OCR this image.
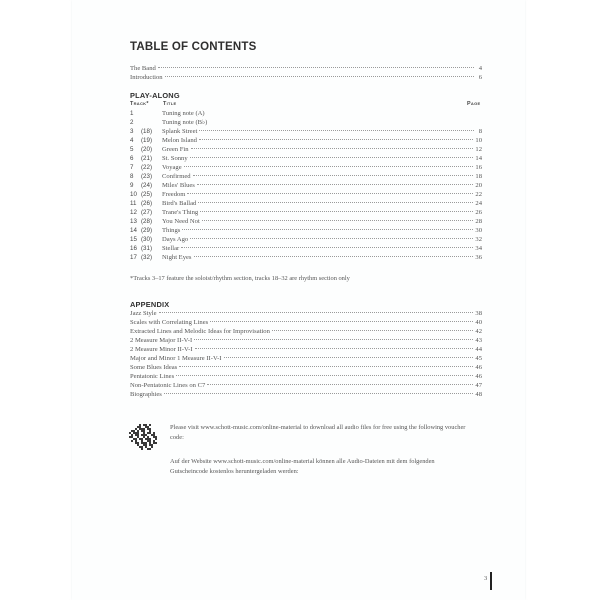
TABLE OF CONTENTS
The Band	4
Introduction	6
PLAY-ALONG
Track*	Title	Page
1	Tuning note (A)
2	Tuning note (B♭)
3	(18)	Splank Street	8
4	(19)	Melon Island	10
5	(20)	Green Fin	12
6	(21)	St. Sonny	14
7	(22)	Voyage	16
8	(23)	Confirmed	18
9	(24)	Miles' Blues	20
10 (25)	Freedom	22
11 (26)	Bird's Ballad	24
12 (27)	Trane's Thing	26
13 (28)	You Need Not	28
14 (29)	Things	30
15 (30)	Days Ago	32
16 (31)	Stellar	34
17 (32)	Night Eyes	36
*Tracks 3–17 feature the soloist/rhythm section, tracks 18–32 are rhythm section only
APPENDIX
Jazz Style	38
Scales with Correlating Lines	40
Extracted Lines and Melodic Ideas for Improvisation	42
2 Measure Major II-V-I	43
2 Measure Minor II-V-I	44
Major and Minor 1 Measure II-V-I	45
Some Blues Ideas	46
Pentatonic Lines	46
Non-Pentatonic Lines on C7	47
Biographies	48
Please visit www.schott-music.com/online-material to download all audio files for free using the following voucher code:
Auf der Website www.schott-music.com/online-material können alle Audio-Dateien mit dem folgenden Gutscheincode kostenlos heruntergeladen werden:
3
